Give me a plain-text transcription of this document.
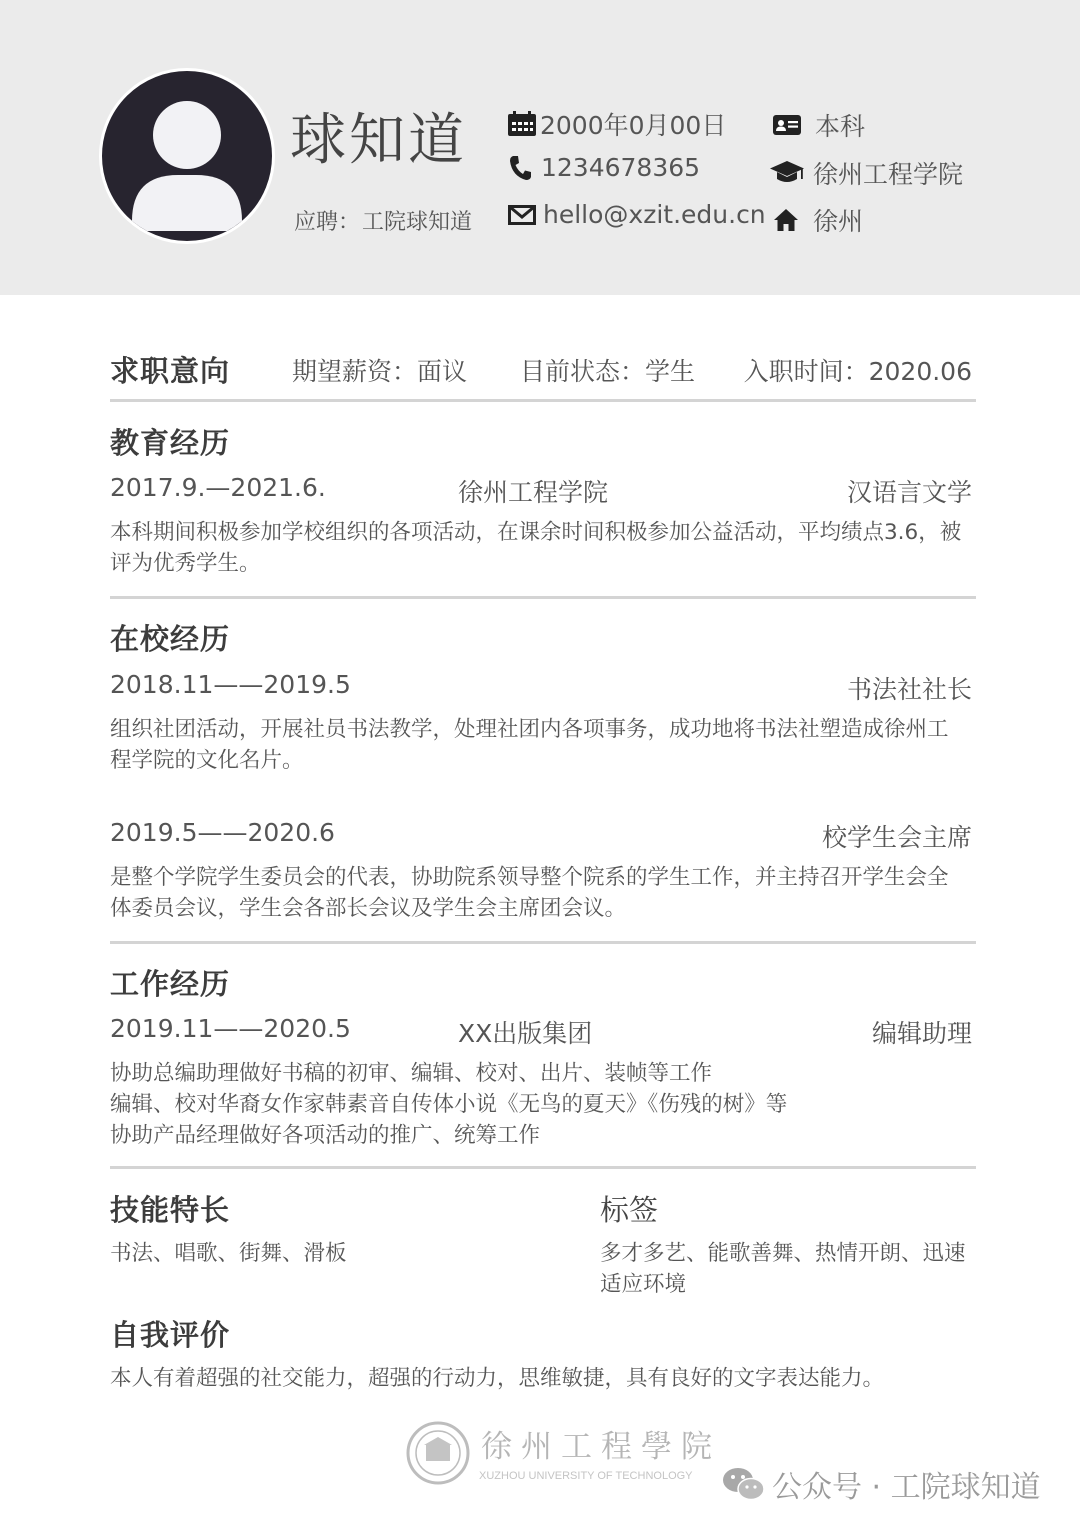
球知道
应聘：工院球知道
2000年0月00日
1234678365
hello@xzit.edu.cn
本科
徐州工程学院
徐州
求职意向 期望薪资：面议 目前状态：学生 入职时间：2020.06
教育经历
2017.9.—2021.6.	徐州工程学院	汉语言文学
本科期间积极参加学校组织的各项活动，在课余时间积极参加公益活动，平均绩点3.6，被
评为优秀学生。
在校经历
2018.11——2019.5	书法社社长
组织社团活动，开展社员书法教学，处理社团内各项事务，成功地将书法社塑造成徐州工
程学院的文化名片。
2019.5——2020.6	校学生会主席
是整个学院学生委员会的代表，协助院系领导整个院系的学生工作，并主持召开学生会全
体委员会议，学生会各部长会议及学生会主席团会议。
工作经历
2019.11——2020.5	XX出版集团	编辑助理
协助总编助理做好书稿的初审、编辑、校对、出片、装帧等工作
编辑、校对华裔女作家韩素音自传体小说《无鸟的夏天》《伤残的树》等
协助产品经理做好各项活动的推广、统筹工作
技能特长
书法、唱歌、街舞、滑板
标签
多才多艺、能歌善舞、热情开朗、迅速
适应环境
自我评价
本人有着超强的社交能力，超强的行动力，思维敏捷，具有良好的文字表达能力。
徐州工程學院
XUZHOU UNIVERSITY OF TECHNOLOGY	公众号 · 工院球知道
